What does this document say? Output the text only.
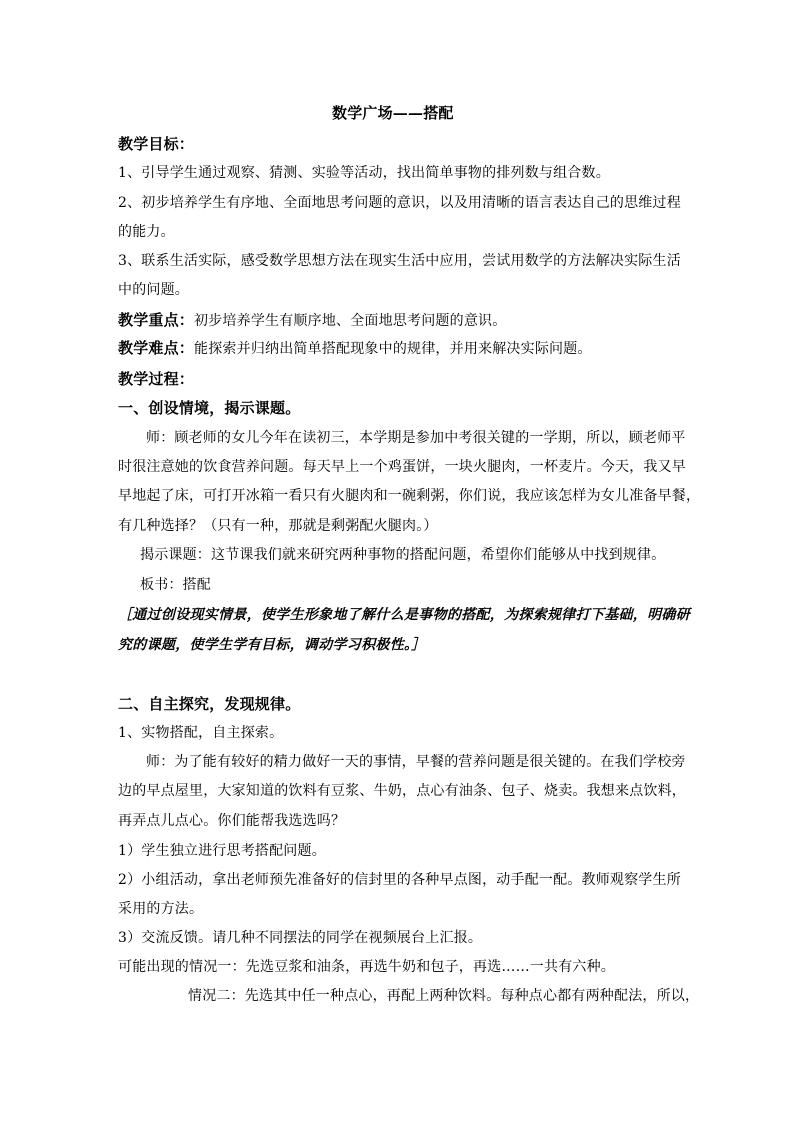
数学广场——搭配
教学目标：
1、引导学生通过观察、猜测、实验等活动，找出简单事物的排列数与组合数。
2、初步培养学生有序地、全面地思考问题的意识，以及用清晰的语言表达自己的思维过程
的能力。
3、联系生活实际，感受数学思想方法在现实生活中应用，尝试用数学的方法解决实际生活
中的问题。
教学重点：初步培养学生有顺序地、全面地思考问题的意识。
教学难点：能探索并归纳出简单搭配现象中的规律，并用来解决实际问题。
教学过程：
一、创设情境，揭示课题。
师：顾老师的女儿今年在读初三，本学期是参加中考很关键的一学期，所以，顾老师平
时很注意她的饮食营养问题。每天早上一个鸡蛋饼，一块火腿肉，一杯麦片。今天，我又早
早地起了床，可打开冰箱一看只有火腿肉和一碗剩粥，你们说，我应该怎样为女儿准备早餐，
有几种选择？（只有一种，那就是剩粥配火腿肉。）
揭示课题：这节课我们就来研究两种事物的搭配问题，希望你们能够从中找到规律。
板书：搭配
［通过创设现实情景，使学生形象地了解什么是事物的搭配，为探索规律打下基础，明确研
究的课题，使学生学有目标，调动学习积极性。］
二、自主探究，发现规律。
1、实物搭配，自主探索。
师：为了能有较好的精力做好一天的事情，早餐的营养问题是很关键的。在我们学校旁
边的早点屋里，大家知道的饮料有豆浆、牛奶，点心有油条、包子、烧卖。我想来点饮料，
再弄点儿点心。你们能帮我选选吗？
1）学生独立进行思考搭配问题。
2）小组活动，拿出老师预先准备好的信封里的各种早点图，动手配一配。教师观察学生所
采用的方法。
3）交流反馈。请几种不同摆法的同学在视频展台上汇报。
可能出现的情况一：先选豆浆和油条，再选牛奶和包子，再选……一共有六种。
情况二：先选其中任一种点心，再配上两种饮料。每种点心都有两种配法，所以，
